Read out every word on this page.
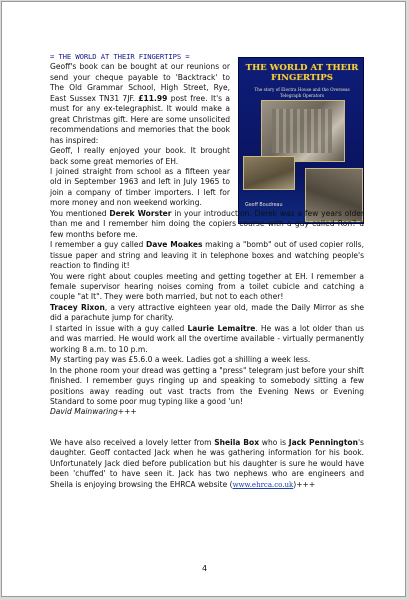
THE WORLD AT THEIR FINGERTIPS
The story of Electra House and the Overseas Telegraph Operators
Geoff Boudreau

= THE WORLD AT THEIR FINGERTIPS =

Geoff's book can be bought at our reunions or send your cheque payable to 'Backtrack' to The Old Grammar School, High Street, Rye, East Sussex TN31 7JF. £11.99 post free. It's a must for any ex-telegraphist. It would make a great Christmas gift. Here are some unsolicited recommendations and memories that the book has inspired:

Geoff, I really enjoyed your book. It brought back some great memories of EH.

I joined straight from school as a fifteen year old in September 1963 and left in July 1965 to join a company of timber importers. I left for more money and non weekend working.

You mentioned Derek Worster in your introduction. Derek was a few years older than me and I remember him doing the copiers course with a guy called Ron? a few months before me.

I remember a guy called Dave Moakes making a "bomb" out of used copier rolls, tissue paper and string and leaving it in telephone boxes and watching people's reaction to finding it!

You were right about couples meeting and getting together at EH. I remember a female supervisor hearing noises coming from a toilet cubicle and catching a couple "at It". They were both married, but not to each other!

Tracey Rixon, a very attractive eighteen year old, made the Daily Mirror as she did a parachute jump for charity.

I started in issue with a guy called Laurie Lemaitre. He was a lot older than us and was married. He would work all the overtime available - virtually permanently working 8 a.m. to 10 p.m.

My starting pay was £5.6.0 a week. Ladies got a shilling a week less.

In the phone room your dread was getting a "press" telegram just before your shift finished. I remember guys ringing up and speaking to somebody sitting a few positions away reading out vast tracts from the Evening News or Evening Standard to some poor mug typing like a good 'un!

David Mainwaring+++

We have also received a lovely letter from Sheila Box who is Jack Pennington's daughter. Geoff contacted Jack when he was gathering information for his book. Unfortunately Jack died before publication but his daughter is sure he would have been 'chuffed' to have seen it. Jack has two nephews who are engineers and Sheila is enjoying browsing the EHRCA website (www.ehrca.co.uk)+++

4
